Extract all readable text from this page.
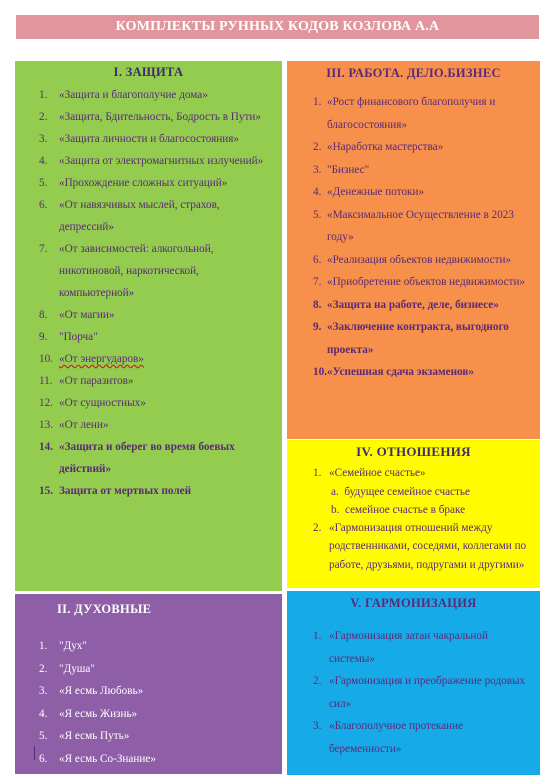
КОМПЛЕКТЫ РУННЫХ КОДОВ КОЗЛОВА А.А
I. ЗАЩИТА
1.	«Защита и благополучие дома»
2.	«Защита, Бдительность, Бодрость в Пути»
3.	«Защита личности и благосостояния»
4.	«Защита от электромагнитных излучений»
5.	«Прохождение сложных ситуаций»
6.	«От навязчивых мыслей, страхов, депрессий»
7.	«От зависимостей: алкогольной, никотиновой, наркотической, компьютерной»
8.	«От магии»
9.	"Порча"
10. «От энергударов»
11. «От паразитов»
12. «От сущностных»
13. «От лени»
14. «Защита и оберег во время боевых действий»
15. Защита от мертвых полей
III. РАБОТА. ДЕЛО.БИЗНЕС
1. «Рост финансового благополучия и благосостояния»
2. «Наработка мастерства»
3. "Бизнес"
4. «Денежные потоки»
5. «Максимальное Осуществление в 2023 году»
6. «Реализация объектов недвижимости»
7. «Приобретение объектов недвижимости»
8. «Защита на работе, деле, бизнесе»
9. «Заключение контракта, выгодного проекта»
10. «Успешная сдача экзаменов»
IV. ОТНОШЕНИЯ
1. «Семейное счастье»
a. будущее семейное счастье
b. семейное счастье в браке
2. «Гармонизация отношений между родственниками, соседями, коллегами по работе, друзьями, подругами и другими»
II. ДУХОВНЫЕ
1.	"Дух"
2.	"Душа"
3.	«Я есмь Любовь»
4.	«Я есмь Жизнь»
5.	«Я есмь Путь»
6.	«Я есмь Со-Знание»
V. ГАРМОНИЗАЦИЯ
1. «Гармонизация затаи чакральной системы»
2. «Гармонизация и преображение родовых сил»
3. «Благополучное протекание беременности»
